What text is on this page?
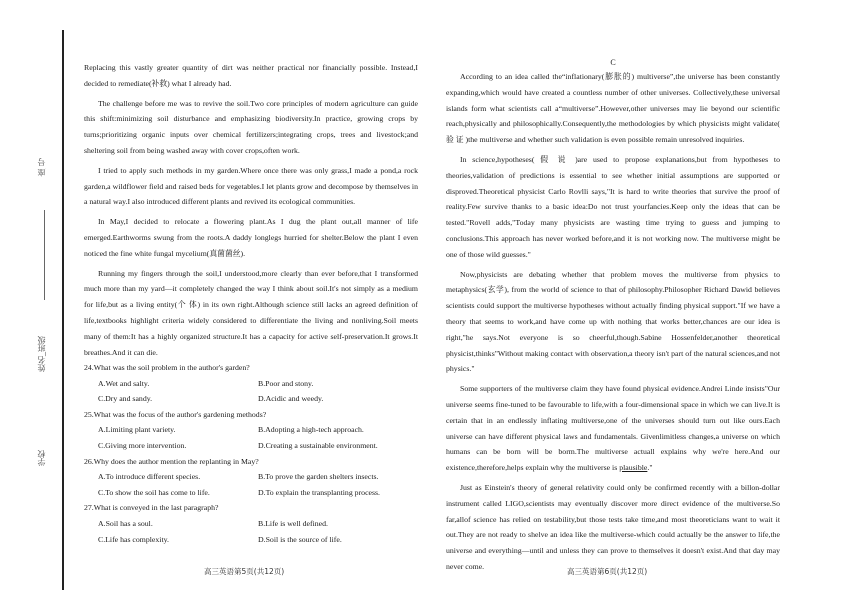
座 号
姓名_班级
学校

Replacing this vastly greater quantity of dirt was neither practical nor financially possible. Instead,I decided to remediate(补救) what I already had.

The challenge before me was to revive the soil.Two core principles of modern agriculture can guide this shift:minimizing soil disturbance and emphasizing biodiversity.In practice, growing crops by turns;prioritizing organic inputs over chemical fertilizers;integrating crops, trees and livestock;and sheltering soil from being washed away with cover crops,often work.

I tried to apply such methods in my garden.Where once there was only grass,I made a pond,a rock garden,a wildflower field and raised beds for vegetables.I let plants grow and decompose by themselves in a natural way.I also introduced different plants and revived its ecological communities.

In May,I decided to relocate a flowering plant.As I dug the plant out,all manner of life emerged.Earthworms swung from the roots.A daddy longlegs hurried for shelter.Below the plant I even noticed the fine white fungal mycelium(真菌菌丝).

Running my fingers through the soil,I understood,more clearly than ever before,that I transformed much more than my yard—it completely changed the way I think about soil.It's not simply as a medium for life,but as a living entity(个 体) in its own right.Although science still lacks an agreed definition of life,textbooks highlight criteria widely considered to differentiate the living and nonliving.Soil meets many of them:It has a highly organized structure.It has a capacity for active self-preservation.It grows.It breathes.And it can die.

24.What was the soil problem in the author's garden?
A.Wet and salty.	B.Poor and stony.
C.Dry and sandy.	D.Acidic and weedy.
25.What was the focus of the author's gardening methods?
A.Limiting plant variety.	B.Adopting a high-tech approach.
C.Giving more intervention.	D.Creating a sustainable environment.
26.Why does the author mention the replanting in May?
A.To introduce different species.	B.To prove the garden shelters insects.
C.To show the soil has come to life.	D.To explain the transplanting process.
27.What is conveyed in the last paragraph?
A.Soil has a soul.	B.Life is well defined.
C.Life has complexity.	D.Soil is the source of life.
高三英语第5页(共12页)
C

According to an idea called the“inflationary(膨胀的) multiverse”,the universe has been constantly expanding,which would have created a countless number of other universes. Collectively,these universal islands form what scientists call a“multiverse”.However,other universes may lie beyond our scientific reach,physically and philosophically.Consequently,the methodologies by which physicists might validate( 验 证 )the multiverse and whether such validation is even possible remain unresolved inquiries.

In science,hypotheses( 假 说 )are used to propose explanations,but from hypotheses to theories,validation of predictions is essential to see whether initial assumptions are supported or disproved.Theoretical physicist Carlo Rovlli says,"It is hard to write theories that survive the proof of reality.Few survive thanks to a basic idea:Do not trust yourfancies.Keep only the ideas that can be tested."Rovell adds,"Today many physicists are wasting time trying to guess and jumping to conclusions.This approach has never worked before,and it is not working now. The multiverse might be one of those wild guesses."

Now,physicists are debating whether that problem moves the multiverse from physics to metaphysics(玄学), from the world of science to that of philosophy.Philosopher Richard Dawid believes scientists could support the multiverse hypotheses without actually finding physical support."If we have a theory that seems to work,and have come up with nothing that works better,chances are our idea is right,"he says.Not everyone is so cheerful,though.Sabine Hossenfelder,another theoretical physicist,thinks"Without making contact with observation,a theory isn't part of the natural sciences,and not physics."

Some supporters of the multiverse claim they have found physical evidence.Andrei Linde insists"Our universe seems fine-tuned to be favourable to life,with a four-dimensional space in which we can live.It is certain that in an endlessly inflating multiverse,one of the universes should turn out like ours.Each universe can have different physical laws and fundamentals. Givenlimitless changes,a universe on which humans can be born will be borm.The multiverse actuall explains why we're here.And our existence,therefore,helps explain why the multiverse is plausible."

Just as Einstein's theory of general relativity could only be confirmed recently with a billon-dollar instrument called LIGO,scientists may eventually discover more direct evidence of the multiverse.So far,allof science has relied on testability,but those tests take time,and most theoreticians want to wait it out.They are not ready to shelve an idea like the multiverse-which could actually be the answer to life,the universe and everything—until and unless they can prove to themselves it doesn't exist.And that day may never come.

高三英语第6页(共12页)
